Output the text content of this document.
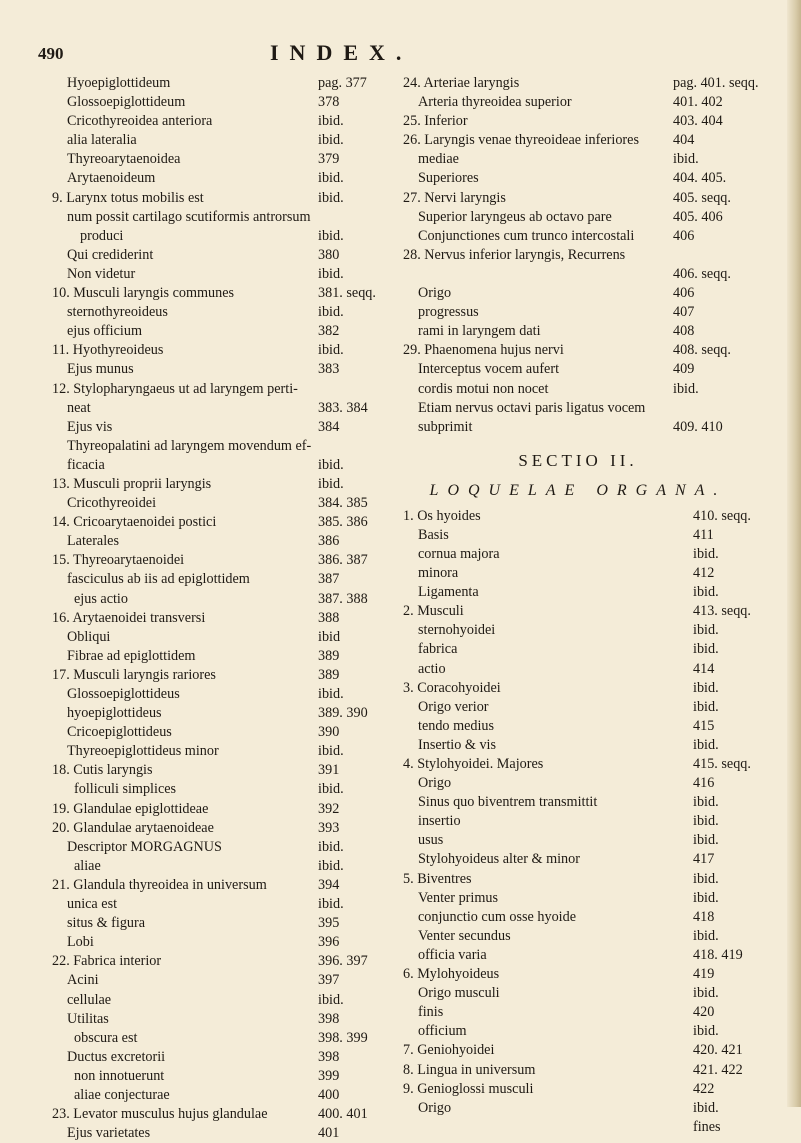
490	INDEX.
Hyoepiglottideum	pag. 377
Glossoepiglottideum	378
Cricothyreoidea anteriora	ibid.
alia lateralia	ibid.
Thyreoarytaenoidea	379
Arytaenoideum	ibid.
9. Larynx totus mobilis est	ibid.
num possit cartilago scutiformis antrorsum
produci	ibid.
Qui crediderint	380
Non videtur	ibid.
10. Musculi laryngis communes	381. seqq.
sternothyreoideus	ibid.
ejus officium	382
11. Hyothyreoideus	ibid.
Ejus munus	383
12. Stylopharyngaeus ut ad laryngem perti-
neat	383. 384
Ejus vis	384
Thyreopalatini ad laryngem movendum ef-
ficacia	ibid.
13. Musculi proprii laryngis	ibid.
Cricothyreoidei	384. 385
14. Cricoarytaenoidei postici	385. 386
Laterales	386
15. Thyreoarytaenoidei	386. 387
fasciculus ab iis ad epiglottidem	387
ejus actio	387. 388
16. Arytaenoidei transversi	388
Obliqui	ibid
Fibrae ad epiglottidem	389
17. Musculi laryngis rariores	389
Glossoepiglottideus	ibid.
hyoepiglottideus	389. 390
Cricoepiglottideus	390
Thyreoepiglottideus minor	ibid.
18. Cutis laryngis	391
folliculi simplices	ibid.
19. Glandulae epiglottideae	392
20. Glandulae arytaenoideae	393
Descriptor MORGAGNUS	ibid.
aliae	ibid.
21. Glandula thyreoidea in universum	394
unica est	ibid.
situs & figura	395
Lobi	396
22. Fabrica interior	396. 397
Acini	397
cellulae	ibid.
Utilitas	398
obscura est	398. 399
Ductus excretorii	398
non innotuerunt	399
aliae conjecturae	400
23. Levator musculus hujus glandulae	400. 401
Ejus varietates	401
24. Arteriae laryngis	pag. 401. seqq.
Arteria thyreoidea superior	401. 402
25. Inferior	403. 404
26. Laryngis venae thyreoideae inferiores 404
mediae	ibid.
Superiores	404. 405.
27. Nervi laryngis	405. seqq.
Superior laryngeus ab octavo pare	405. 406
Conjunctiones cum trunco intercostali	406
28. Nervus inferior laryngis, Recurrens
406. seqq.
Origo	406
progressus	407
rami in laryngem dati	408
29. Phaenomena hujus nervi	408. seqq.
Interceptus vocem aufert	409
cordis motui non nocet	ibid.
Etiam nervus octavi paris ligatus vocem
subprimit	409. 410
SECTIO II.
LOQUELAE ORGANA.
1. Os hyoides	410. seqq.
Basis	411
cornua majora	ibid.
minora	412
Ligamenta	ibid.
2. Musculi	413. seqq.
sternohyoidei	ibid.
fabrica	ibid.
actio	414
3. Coracohyoidei	ibid.
Origo verior	ibid.
tendo medius	415
Insertio & vis	ibid.
4. Stylohyoidei. Majores	415. seqq.
Origo	416
Sinus quo biventrem transmittit	ibid.
insertio	ibid.
usus	ibid.
Stylohyoideus alter & minor	417
5. Biventres	ibid.
Venter primus	ibid.
conjunctio cum osse hyoide	418
Venter secundus	ibid.
officia varia	418. 419
6. Mylohyoideus	419
Origo musculi	ibid.
finis	420
officium	ibid.
7. Geniohyoidei	420. 421
8. Lingua in universum	421. 422
9. Genioglossi musculi	422
Origo	ibid.
fines
